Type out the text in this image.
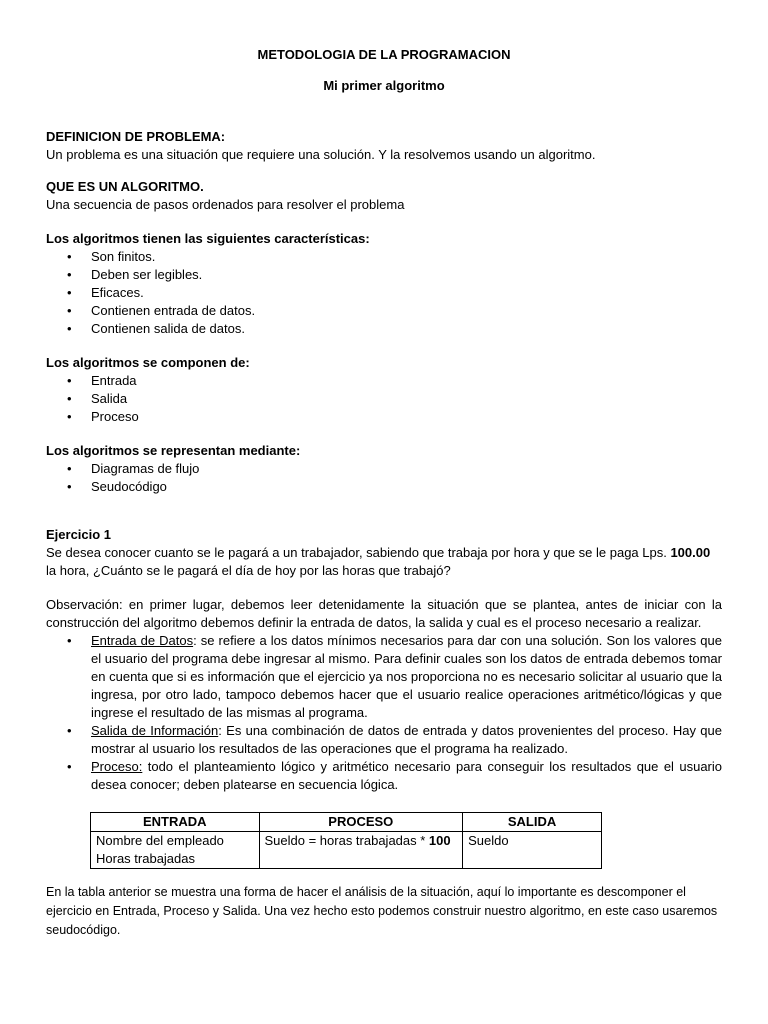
METODOLOGIA DE LA PROGRAMACION

Mi primer algoritmo

DEFINICION DE PROBLEMA:

Un problema es una situación que requiere una solución. Y la resolvemos usando un algoritmo.

QUE ES UN ALGORITMO.

Una secuencia de pasos ordenados para resolver el problema

Los algoritmos tienen las siguientes características:

• Son finitos.
• Deben ser legibles.
• Eficaces.
• Contienen entrada de datos.
• Contienen salida de datos.

Los algoritmos se componen de:

• Entrada
• Salida
• Proceso

Los algoritmos se representan mediante:

• Diagramas de flujo
• Seudocódigo

Ejercicio 1

Se desea conocer cuanto se le pagará a un trabajador, sabiendo que trabaja por hora y que se le paga Lps. 100.00 la hora, ¿Cuánto se le pagará el día de hoy por las horas que trabajó?

Observación: en primer lugar, debemos leer detenidamente la situación que se plantea, antes de iniciar con la construcción del algoritmo debemos definir la entrada de datos, la salida y cual es el proceso necesario a realizar.

• Entrada de Datos: se refiere a los datos mínimos necesarios para dar con una solución. Son los valores que el usuario del programa debe ingresar al mismo. Para definir cuales son los datos de entrada debemos tomar en cuenta que si es información que el ejercicio ya nos proporciona no es necesario solicitar al usuario que la ingresa, por otro lado, tampoco debemos hacer que el usuario realice operaciones aritmético/lógicas y que ingrese el resultado de las mismas al programa.
• Salida de Información: Es una combinación de datos de entrada y datos provenientes del proceso. Hay que mostrar al usuario los resultados de las operaciones que el programa ha realizado.
• Proceso: todo el planteamiento lógico y aritmético necesario para conseguir los resultados que el usuario desea conocer; deben platearse en secuencia lógica.
ENTRADA	PROCESO	SALIDA

Nombre del empleado
Horas trabajadas	Sueldo = horas trabajadas * 100	Sueldo

En la tabla anterior se muestra una forma de hacer el análisis de la situación, aquí lo importante es descomponer el ejercicio en Entrada, Proceso y Salida. Una vez hecho esto podemos construir nuestro algoritmo, en este caso usaremos seudocódigo.
